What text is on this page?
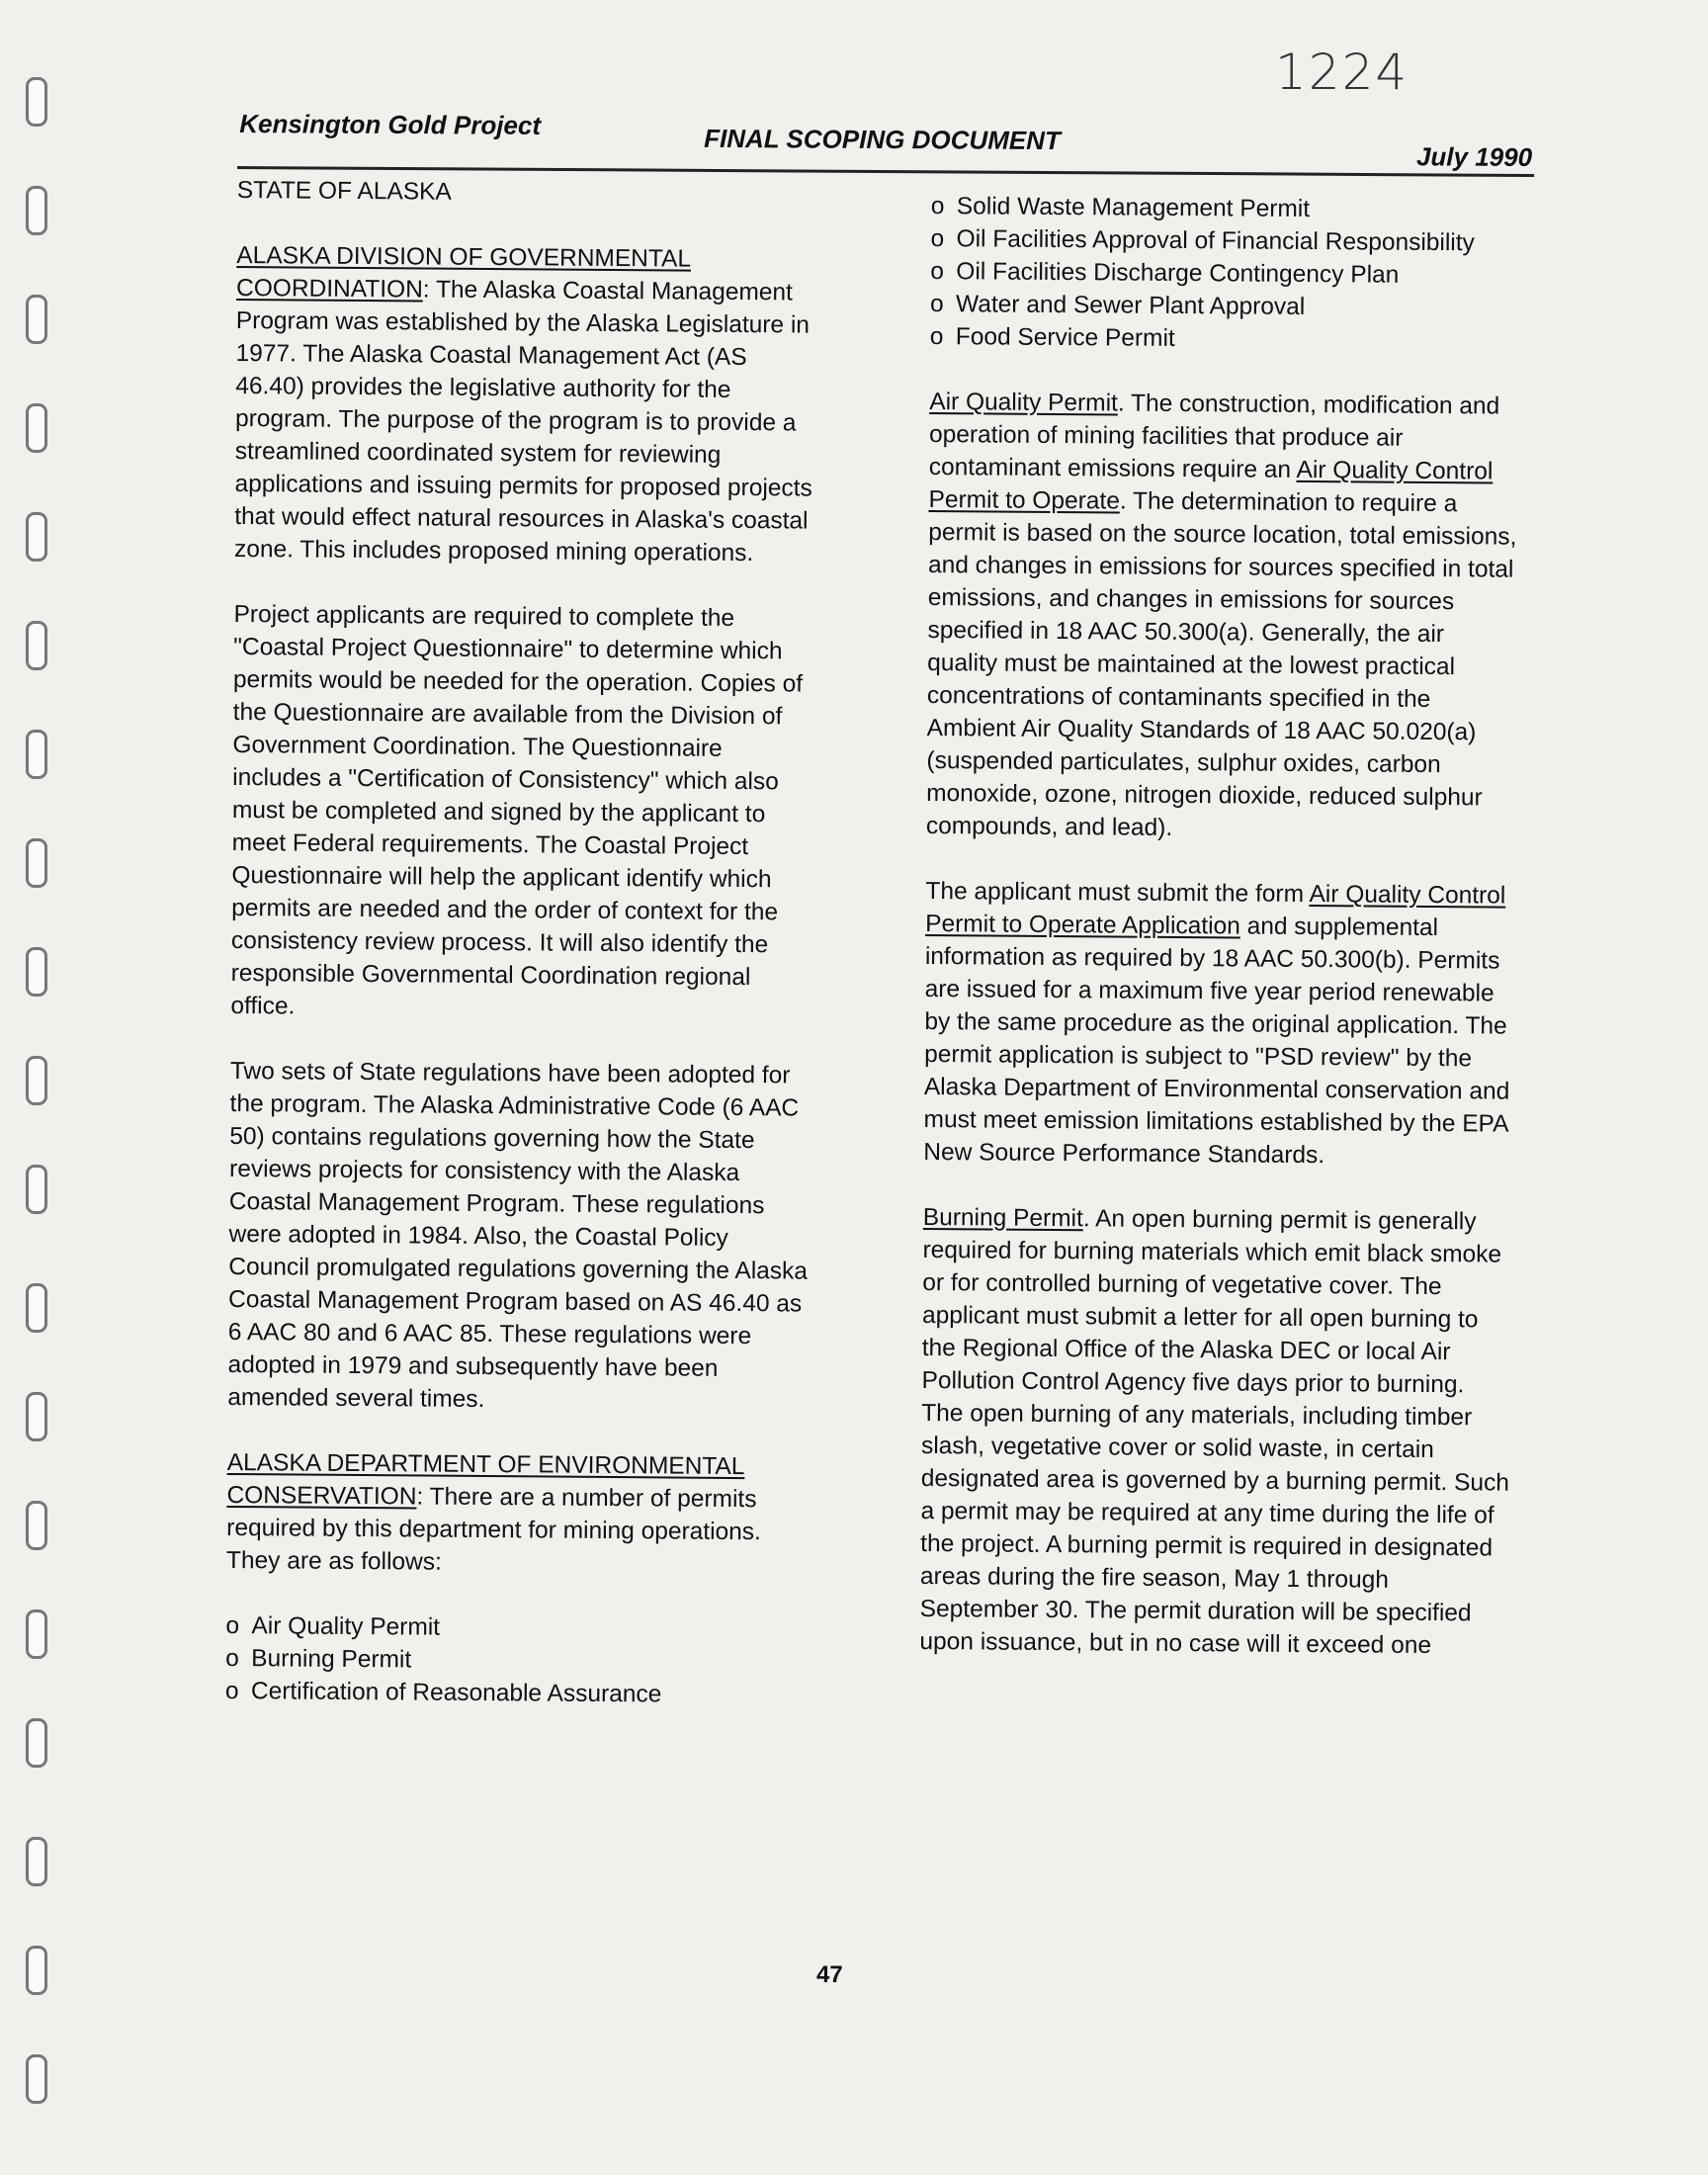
1224
Kensington Gold Project	FINAL SCOPING DOCUMENT
July 1990
STATE OF ALASKA

ALASKA DIVISION OF GOVERNMENTAL COORDINATION: The Alaska Coastal Management Program was established by the Alaska Legislature in 1977. The Alaska Coastal Management Act (AS 46.40) provides the legislative authority for the program. The purpose of the program is to provide a streamlined coordinated system for reviewing applications and issuing permits for proposed projects that would effect natural resources in Alaska's coastal zone. This includes proposed mining operations.

Project applicants are required to complete the "Coastal Project Questionnaire" to determine which permits would be needed for the operation. Copies of the Questionnaire are available from the Division of Government Coordination. The Questionnaire includes a "Certification of Consistency" which also must be completed and signed by the applicant to meet Federal requirements. The Coastal Project Questionnaire will help the applicant identify which permits are needed and the order of context for the consistency review process. It will also identify the responsible Governmental Coordination regional office.

Two sets of State regulations have been adopted for the program. The Alaska Administrative Code (6 AAC 50) contains regulations governing how the State reviews projects for consistency with the Alaska Coastal Management Program. These regulations were adopted in 1984. Also, the Coastal Policy Council promulgated regulations governing the Alaska Coastal Management Program based on AS 46.40 as 6 AAC 80 and 6 AAC 85. These regulations were adopted in 1979 and subsequently have been amended several times.

ALASKA DEPARTMENT OF ENVIRONMENTAL CONSERVATION: There are a number of permits required by this department for mining operations. They are as follows:

o Air Quality Permit
o Burning Permit
o Certification of Reasonable Assurance
o Solid Waste Management Permit
o Oil Facilities Approval of Financial Responsibility
o Oil Facilities Discharge Contingency Plan
o Water and Sewer Plant Approval
o Food Service Permit

Air Quality Permit. The construction, modification and operation of mining facilities that produce air contaminant emissions require an Air Quality Control Permit to Operate. The determination to require a permit is based on the source location, total emissions, and changes in emissions for sources specified in total emissions, and changes in emissions for sources specified in 18 AAC 50.300(a). Generally, the air quality must be maintained at the lowest practical concentrations of contaminants specified in the Ambient Air Quality Standards of 18 AAC 50.020(a) (suspended particulates, sulphur oxides, carbon monoxide, ozone, nitrogen dioxide, reduced sulphur compounds, and lead).

The applicant must submit the form Air Quality Control Permit to Operate Application and supplemental information as required by 18 AAC 50.300(b). Permits are issued for a maximum five year period renewable by the same procedure as the original application. The permit application is subject to "PSD review" by the Alaska Department of Environmental conservation and must meet emission limitations established by the EPA New Source Performance Standards.

Burning Permit. An open burning permit is generally required for burning materials which emit black smoke or for controlled burning of vegetative cover. The applicant must submit a letter for all open burning to the Regional Office of the Alaska DEC or local Air Pollution Control Agency five days prior to burning. The open burning of any materials, including timber slash, vegetative cover or solid waste, in certain designated area is governed by a burning permit. Such a permit may be required at any time during the life of the project. A burning permit is required in designated areas during the fire season, May 1 through September 30. The permit duration will be specified upon issuance, but in no case will it exceed one

47
